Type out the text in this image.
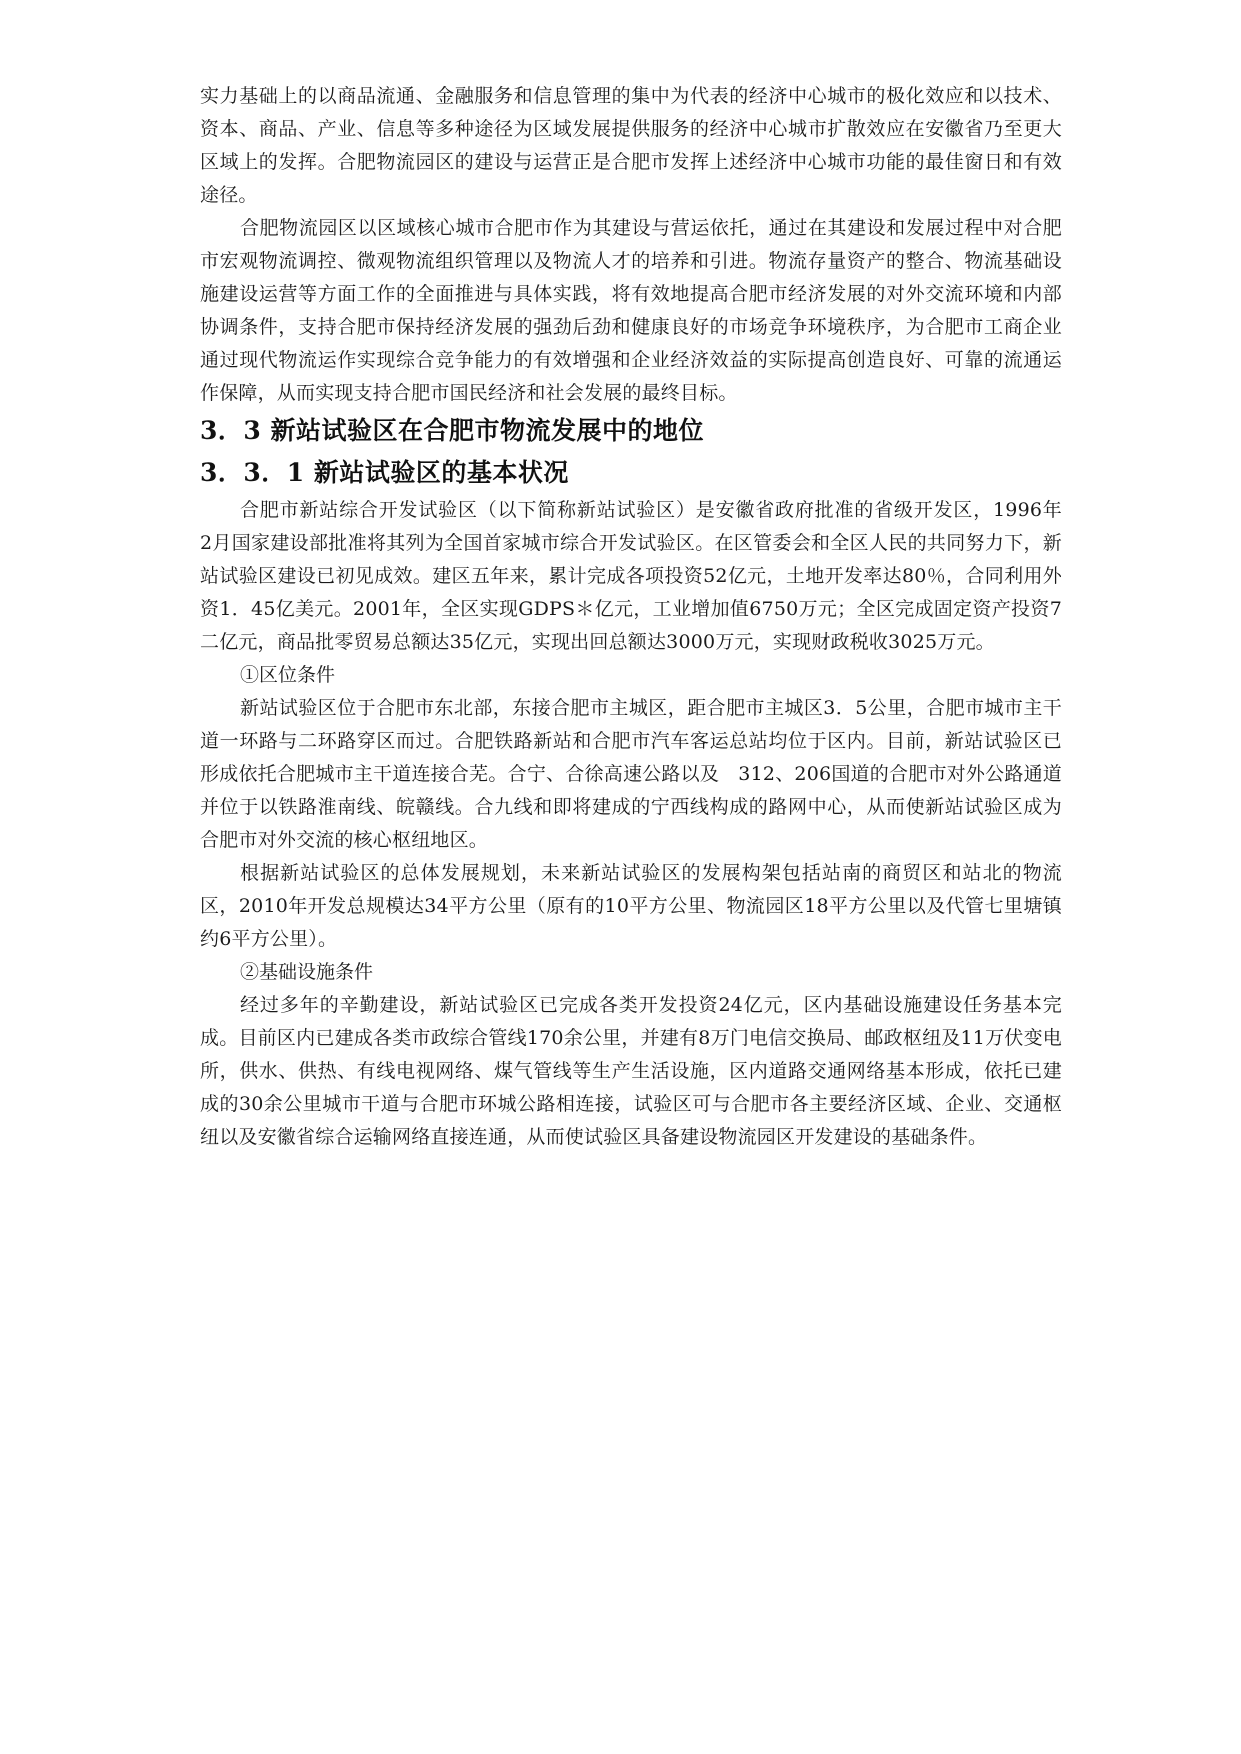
实力基础上的以商品流通、金融服务和信息管理的集中为代表的经济中心城市的极化效应和以技术、资本、商品、产业、信息等多种途径为区域发展提供服务的经济中心城市扩散效应在安徽省乃至更大区域上的发挥。合肥物流园区的建设与运营正是合肥市发挥上述经济中心城市功能的最佳窗日和有效途径。

合肥物流园区以区域核心城市合肥市作为其建设与营运依托，通过在其建设和发展过程中对合肥市宏观物流调控、微观物流组织管理以及物流人才的培养和引进。物流存量资产的整合、物流基础设施建设运营等方面工作的全面推进与具体实践，将有效地提高合肥市经济发展的对外交流环境和内部协调条件，支持合肥市保持经济发展的强劲后劲和健康良好的市场竞争环境秩序，为合肥市工商企业通过现代物流运作实现综合竞争能力的有效增强和企业经济效益的实际提高创造良好、可靠的流通运作保障，从而实现支持合肥市国民经济和社会发展的最终目标。

3．3 新站试验区在合肥市物流发展中的地位
3．3．1 新站试验区的基本状况

合肥市新站综合开发试验区（以下简称新站试验区）是安徽省政府批准的省级开发区，1996年　2月国家建设部批准将其列为全国首家城市综合开发试验区。在区管委会和全区人民的共同努力下，新站试验区建设已初见成效。建区五年来，累计完成各项投资52亿元，土地开发率达80％，合同利用外资1．45亿美元。2001年，全区实现GDPS＊亿元，工业增加值6750万元；全区完成固定资产投资7二亿元，商品批零贸易总额达35亿元，实现出回总额达3000万元，实现财政税收3025万元。

①区位条件

新站试验区位于合肥市东北部，东接合肥市主城区，距合肥市主城区3．5公里，合肥市城市主干道一环路与二环路穿区而过。合肥铁路新站和合肥市汽车客运总站均位于区内。目前，新站试验区已形成依托合肥城市主干道连接合芜。合宁、合徐高速公路以及　312、206国道的合肥市对外公路通道并位于以铁路淮南线、皖赣线。合九线和即将建成的宁西线构成的路网中心，从而使新站试验区成为合肥市对外交流的核心枢纽地区。

根据新站试验区的总体发展规划，未来新站试验区的发展构架包括站南的商贸区和站北的物流区，2010年开发总规模达34平方公里（原有的10平方公里、物流园区18平方公里以及代管七里塘镇约6平方公里）。

②基础设施条件

经过多年的辛勤建设，新站试验区已完成各类开发投资24亿元，区内基础设施建设任务基本完成。目前区内已建成各类市政综合管线170余公里，并建有8万门电信交换局、邮政枢纽及11万伏变电所，供水、供热、有线电视网络、煤气管线等生产生活设施，区内道路交通网络基本形成，依托已建成的30余公里城市干道与合肥市环城公路相连接，试验区可与合肥市各主要经济区域、企业、交通枢纽以及安徽省综合运输网络直接连通，从而使试验区具备建设物流园区开发建设的基础条件。
